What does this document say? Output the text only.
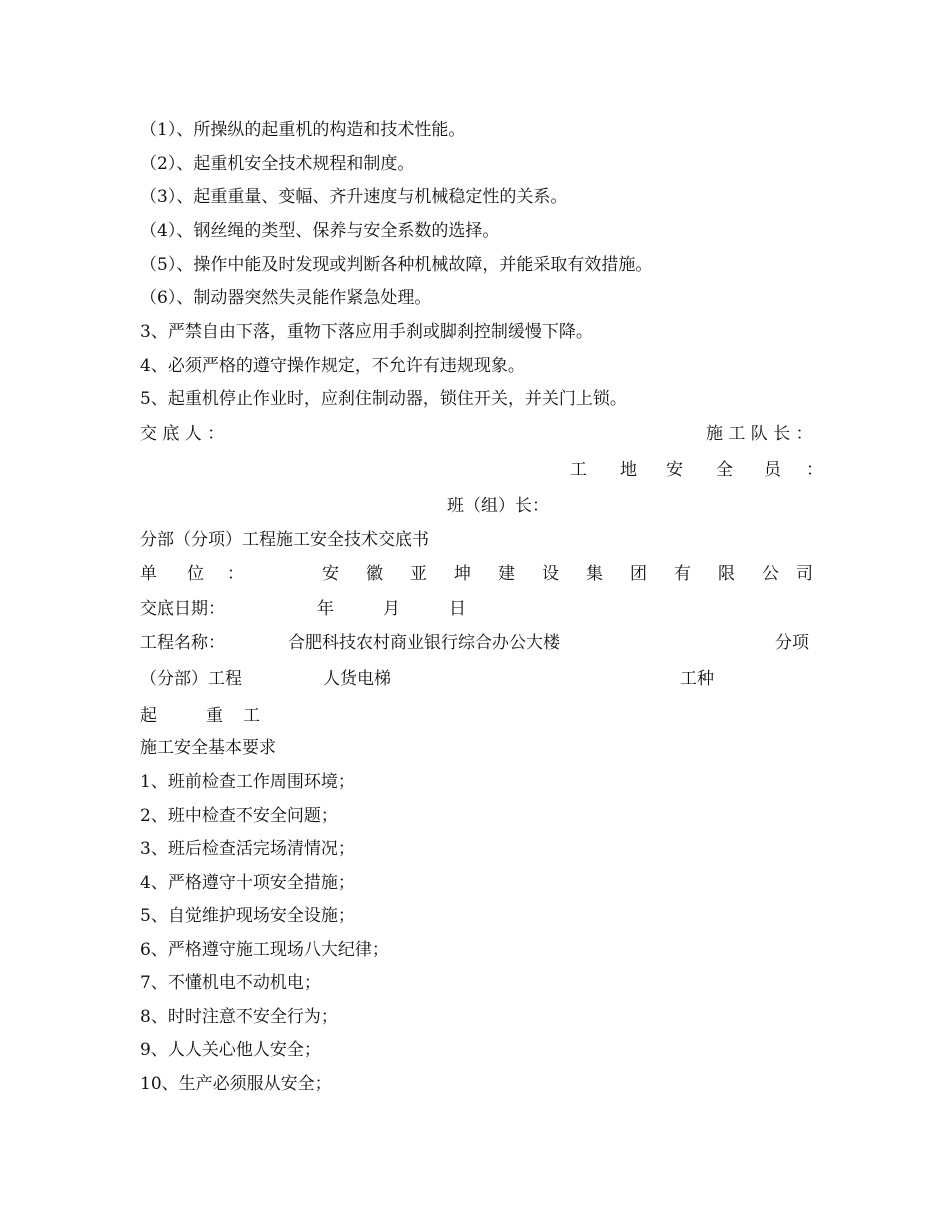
（1）、所操纵的起重机的构造和技术性能。
（2）、起重机安全技术规程和制度。
（3）、起重重量、变幅、齐升速度与机械稳定性的关系。
（4）、钢丝绳的类型、保养与安全系数的选择。
（5）、操作中能及时发现或判断各种机械故障，并能采取有效措施。
（6）、制动器突然失灵能作紧急处理。
3、严禁自由下落，重物下落应用手刹或脚刹控制缓慢下降。
4、必须严格的遵守操作规定，不允许有违规现象。
5、起重机停止作业时，应刹住制动器，锁住开关，并关门上锁。
交 底 人 ：	施 工 队 长 ：
工 地 安 全 员 ：
班（组）长：
分部（分项）工程施工安全技术交底书
单 位 ：	安 徽 亚 坤 建 设 集 团 有 限 公 司
交底日期：	年	月	日
工程名称：	合肥科技农村商业银行综合办公大楼	分项
（分部）工程	人货电梯	工种
起	重 工
施工安全基本要求
1、班前检查工作周围环境；
2、班中检查不安全问题；
3、班后检查活完场清情况；
4、严格遵守十项安全措施；
5、自觉维护现场安全设施；
6、严格遵守施工现场八大纪律；
7、不懂机电不动机电；
8、时时注意不安全行为；
9、人人关心他人安全；
10、生产必须服从安全；
